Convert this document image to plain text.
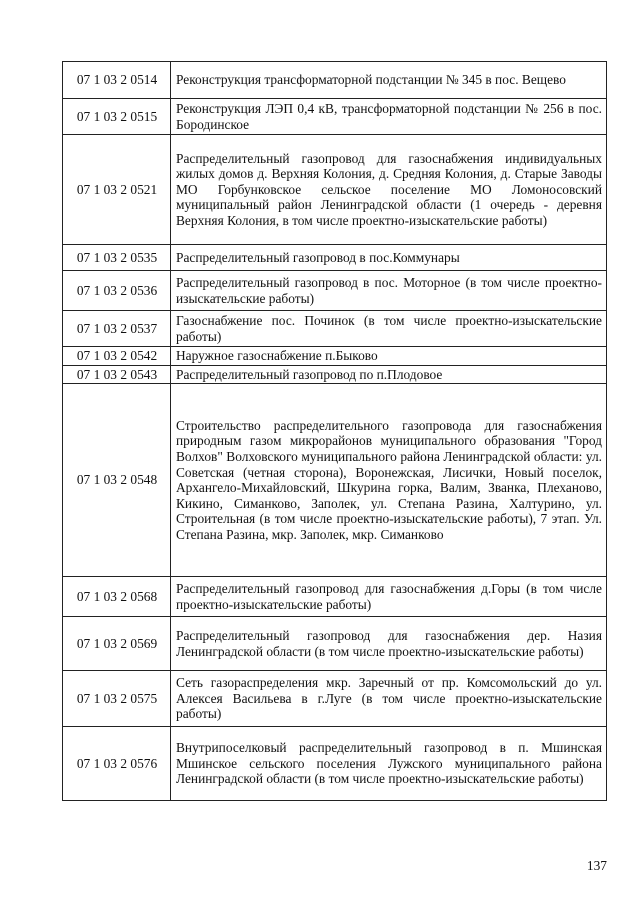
07 1 03 2 0514	Реконструкция трансформаторной подстанции № 345 в пос. Вещево
07 1 03 2 0515	Реконструкция ЛЭП 0,4 кВ, трансформаторной подстанции № 256 в пос. Бородинское
07 1 03 2 0521	Распределительный газопровод для газоснабжения индивидуальных жилых домов д. Верхняя Колония, д. Средняя Колония, д. Старые Заводы МО Горбунковское сельское поселение МО Ломоносовский муниципальный район Ленинградской области (1 очередь - деревня Верхняя Колония, в том числе проектно-изыскательские работы)
07 1 03 2 0535	Распределительный газопровод в пос.Коммунары
07 1 03 2 0536	Распределительный газопровод в пос. Моторное (в том числе проектно-изыскательские работы)
07 1 03 2 0537	Газоснабжение пос. Починок (в том числе проектно-изыскательские работы)
07 1 03 2 0542	Наружное газоснабжение п.Быково
07 1 03 2 0543	Распределительный газопровод по п.Плодовое
07 1 03 2 0548	Строительство распределительного газопровода для газоснабжения природным газом микрорайонов муниципального образования "Город Волхов" Волховского муниципального района Ленинградской области: ул. Советская (четная сторона), Воронежская, Лисички, Новый поселок, Архангело-Михайловский, Шкурина горка, Валим, Званка, Плеханово, Кикино, Симанково, Заполек, ул. Степана Разина, Халтурино, ул. Строительная (в том числе проектно-изыскательские работы), 7 этап. Ул. Степана Разина, мкр. Заполек, мкр. Симанково
07 1 03 2 0568	Распределительный газопровод для газоснабжения д.Горы (в том числе проектно-изыскательские работы)
07 1 03 2 0569	Распределительный газопровод для газоснабжения дер. Назия Ленинградской области (в том числе проектно-изыскательские работы)
07 1 03 2 0575	Сеть газораспределения мкр. Заречный от пр. Комсомольский до ул. Алексея Васильева в г.Луге (в том числе проектно-изыскательские работы)
07 1 03 2 0576	Внутрипоселковый распределительный газопровод в п. Мшинская Мшинское сельского поселения Лужского муниципального района Ленинградской области (в том числе проектно-изыскательские работы)
137
